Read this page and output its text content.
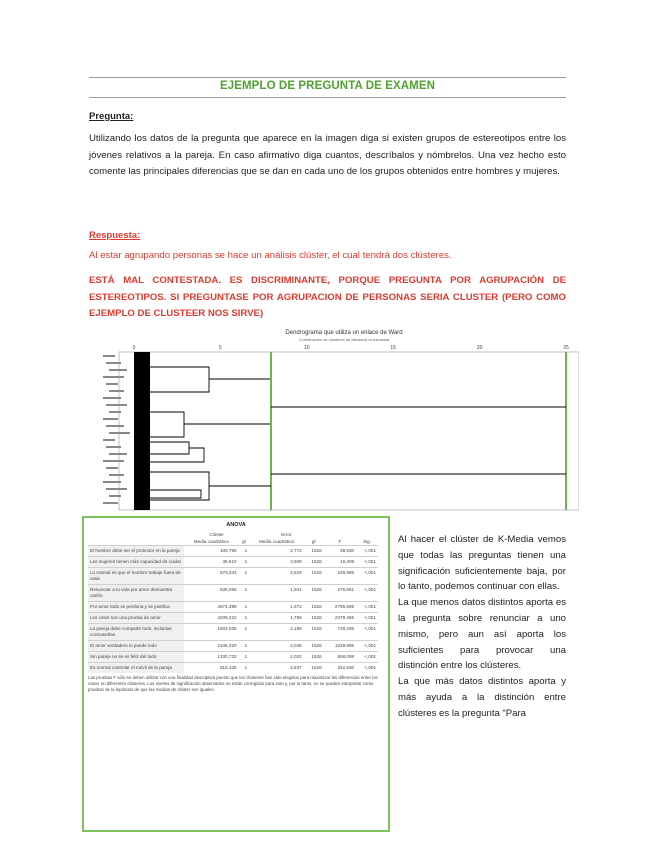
EJEMPLO DE PREGUNTA DE EXAMEN
Pregunta:
Utilizando los datos de la pregunta que aparece en la imagen diga si existen grupos de estereotipos entre los jóvenes relativos a la pareja. En caso afirmativo diga cuantos, descríbalos y nómbrelos. Una vez hecho esto comente las principales diferencias que se dan en cada uno de los grupos obtenidos entre hombres y mujeres.
Respuesta:
Al estar agrupando personas se hace un análisis clúster, el cual tendrá dos clústeres.
ESTÁ MAL CONTESTADA. ES DISCRIMINANTE, PORQUE PREGUNTA POR AGRUPACIÓN DE ESTEREOTIPOS. SI PREGUNTASE POR AGRUPACION DE PERSONAS SERIA CLUSTER (PERO COMO EJEMPLO DE CLUSTEER NOS SIRVE)
Dendrograma que utiliza un enlace de Ward
Combinación de clústeres de distancia re-escalada
0	5	10	15	20	25
ANOVA
	Clúster		Error			
	Media cuadrática	gl	Media cuadrática	gl	F	Sig.
El hombre debe ser el protector en la pareja	106,795	1	2,772	1526	38,530	<,001
Las mujeres tienen más capacidad de cuidar	36,510	1	3,508	1526	10,408	<,001
Lo normal es que el hombre trabaje fuera de casa	579,343	1	2,519	1526	229,985	<,001
Renunciar a tu vida por amor demuestra cariño	535,055	1	1,941	1526	275,661	<,001
Por amor todo se perdona y se justifica	4674,398	1	1,672	1526	2795,595	<,001
Los celos son una prueba de amor	4209,222	1	1,769	1526	2379,456	<,001
La pareja debe compartir todo, incluidas contraseñas	1603,035	1	2,198	1526	729,295	<,001
El amor verdadero lo puede todo	2106,320	1	2,045	1526	1029,985	<,001
Sin pareja no se es feliz del todo	1330,733	1	2,022	1526	658,098	<,001
Es normal controlar el móvil de la pareja	818,106	1	2,537	1526	322,530	<,001
Las pruebas F sólo se deben utilizar con una finalidad descriptiva puesto que los clústeres han sido elegidos para maximizar las diferencias entre los casos en diferentes clústeres. Los niveles de significación observados no están corregidos para esto y, por lo tanto, no se pueden interpretar como pruebas de la hipótesis de que las medias de clúster son iguales.

Al hacer el clúster de K-Media vemos que todas las preguntas tienen una significación suficientemente baja, por lo tanto, podemos continuar con ellas.

La que menos datos distintos aporta es la pregunta sobre renunciar a uno mismo, pero aun así aporta los suficientes para provocar una distinción entre los clústeres.

La que más datos distintos aporta y más ayuda a la distinción entre clústeres es la pregunta “Para
